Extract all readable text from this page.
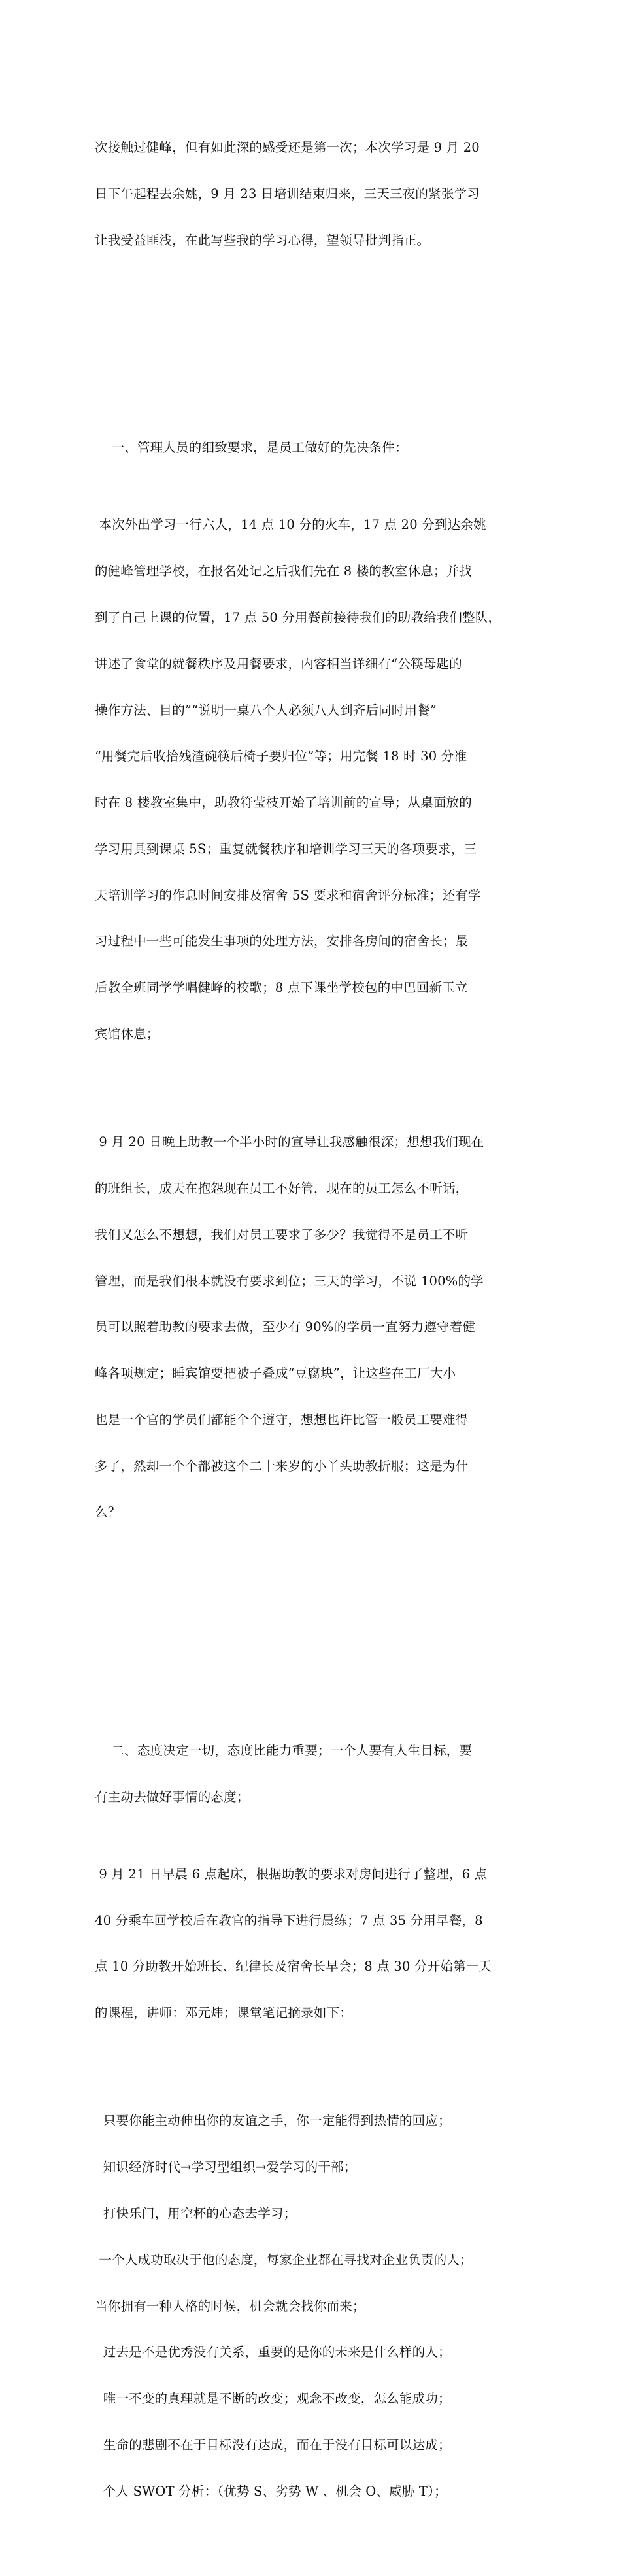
次接触过健峰，但有如此深的感受还是第一次；本次学习是 9 月 20

日下午起程去余姚，9 月 23 日培训结束归来，三天三夜的紧张学习

让我受益匪浅，在此写些我的学习心得，望领导批判指正。

一、管理人员的细致要求，是员工做好的先决条件：

本次外出学习一行六人，14 点 10 分的火车，17 点 20 分到达余姚

的健峰管理学校，在报名处记之后我们先在 8 楼的教室休息；并找

到了自己上课的位置，17 点 50 分用餐前接待我们的助教给我们整队，

讲述了食堂的就餐秩序及用餐要求，内容相当详细有“公筷母匙的

操作方法、目的”“说明一桌八个人必须八人到齐后同时用餐”

“用餐完后收拾残渣碗筷后椅子要归位”等；用完餐 18 时 30 分准

时在 8 楼教室集中，助教符莹枝开始了培训前的宣导；从桌面放的

学习用具到课桌 5S；重复就餐秩序和培训学习三天的各项要求，三

天培训学习的作息时间安排及宿舍 5S 要求和宿舍评分标准；还有学

习过程中一些可能发生事项的处理方法，安排各房间的宿舍长；最

后教全班同学学唱健峰的校歌；8 点下课坐学校包的中巴回新玉立

宾馆休息；

9 月 20 日晚上助教一个半小时的宣导让我感触很深；想想我们现在

的班组长，成天在抱怨现在员工不好管，现在的员工怎么不听话，

我们又怎么不想想，我们对员工要求了多少？我觉得不是员工不听

管理，而是我们根本就没有要求到位；三天的学习，不说 100%的学

员可以照着助教的要求去做，至少有 90%的学员一直努力遵守着健

峰各项规定；睡宾馆要把被子叠成“豆腐块”，让这些在工厂大小

也是一个官的学员们都能个个遵守，想想也许比管一般员工要难得

多了，然却一个个都被这个二十来岁的小丫头助教折服；这是为什

么？

二、态度决定一切，态度比能力重要；一个人要有人生目标，要

有主动去做好事情的态度；

9 月 21 日早晨 6 点起床，根据助教的要求对房间进行了整理，6 点

40 分乘车回学校后在教官的指导下进行晨练；7 点 35 分用早餐，8

点 10 分助教开始班长、纪律长及宿舍长早会；8 点 30 分开始第一天

的课程，讲师：邓元炜；课堂笔记摘录如下：

只要你能主动伸出你的友谊之手，你一定能得到热情的回应；

知识经济时代→学习型组织→爱学习的干部；

打快乐门，用空杯的心态去学习；

一个人成功取决于他的态度，每家企业都在寻找对企业负责的人；

当你拥有一种人格的时候，机会就会找你而来；

过去是不是优秀没有关系，重要的是你的未来是什么样的人；

唯一不变的真理就是不断的改变；观念不改变，怎么能成功；

生命的悲剧不在于目标没有达成，而在于没有目标可以达成；

个人 SWOT 分析：（优势 S、劣势 W 、机会 O、威胁 T）；
